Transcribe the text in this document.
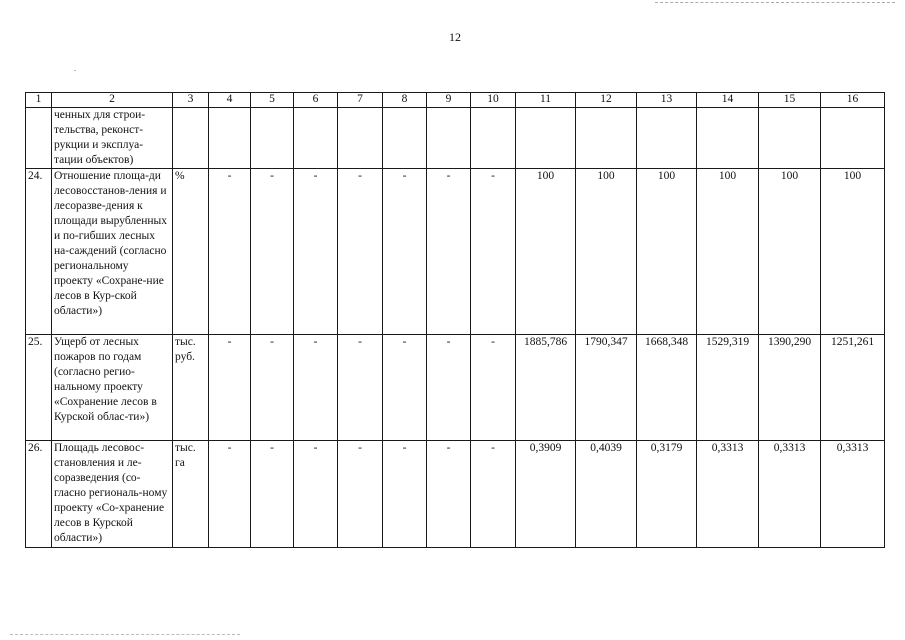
12
1	2	3	4	5	6	7	8	9	10	11	12	13	14	15	16
	ченных для строи-тельства, реконст-рукции и эксплуа-тации объектов)														
24.	Отношение площа-ди лесовосстанов-ления и лесоразве-дения к площади вырубленных и по-гибших лесных на-саждений (согласно региональному проекту «Сохране-ние лесов в Кур-ской области»)	%	-	-	-	-	-	-	-	100	100	100	100	100	100
25.	Ущерб от лесных пожаров по годам (согласно регио-нальному проекту «Сохранение лесов в Курской облас-ти»)	тыс. руб.	-	-	-	-	-	-	-	1885,786	1790,347	1668,348	1529,319	1390,290	1251,261
26.	Площадь лесовос-становления и ле-соразведения (со-гласно региональ-ному проекту «Со-хранение лесов в Курской области»)	тыс. га	-	-	-	-	-	-	-	0,3909	0,4039	0,3179	0,3313	0,3313	0,3313
